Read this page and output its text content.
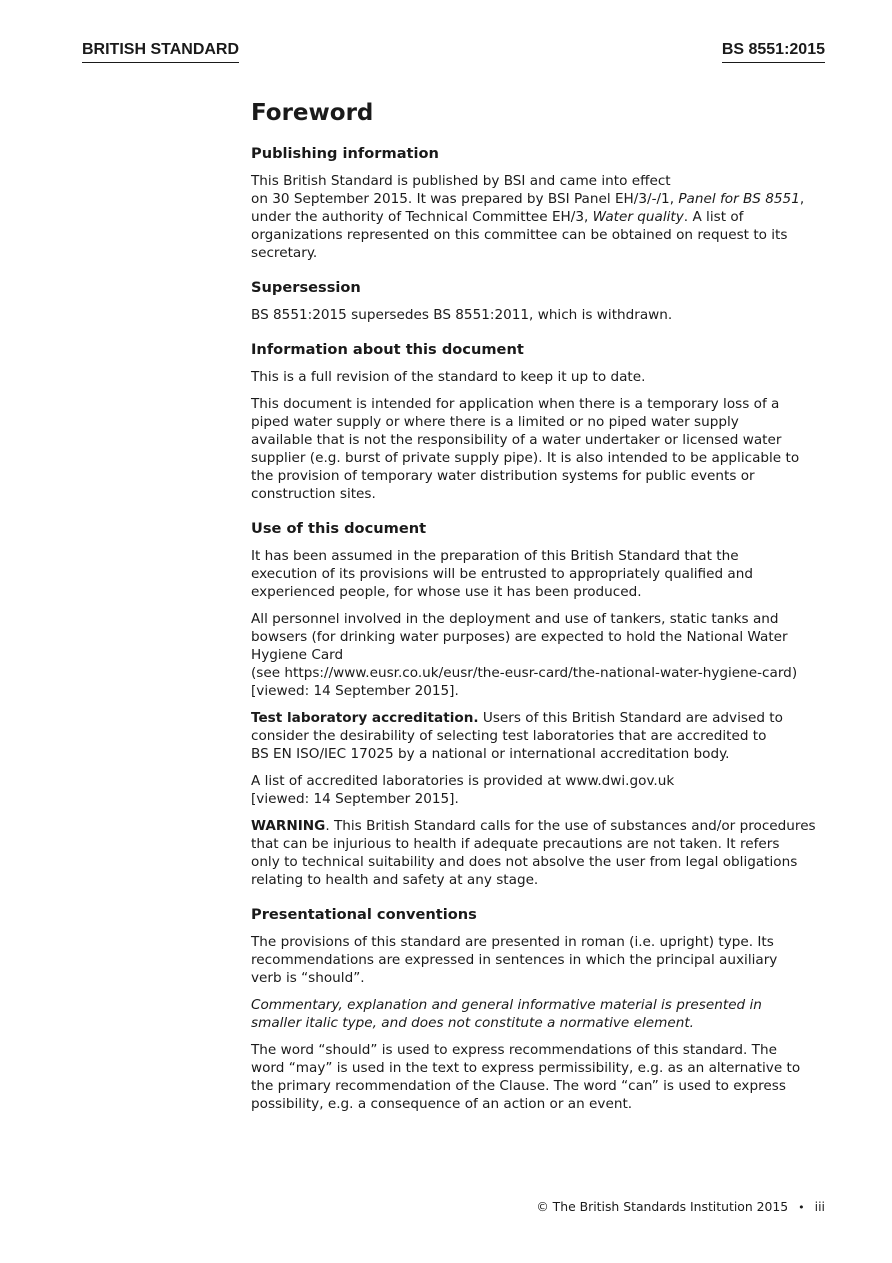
BRITISH STANDARD	BS 8551:2015
Foreword
Publishing information

This British Standard is published by BSI and came into effect
on 30 September 2015. It was prepared by BSI Panel EH/3/-/1, Panel for BS 8551,
under the authority of Technical Committee EH/3, Water quality. A list of
organizations represented on this committee can be obtained on request to its
secretary.

Supersession

BS 8551:2015 supersedes BS 8551:2011, which is withdrawn.

Information about this document

This is a full revision of the standard to keep it up to date.

This document is intended for application when there is a temporary loss of a
piped water supply or where there is a limited or no piped water supply
available that is not the responsibility of a water undertaker or licensed water
supplier (e.g. burst of private supply pipe). It is also intended to be applicable to
the provision of temporary water distribution systems for public events or
construction sites.

Use of this document

It has been assumed in the preparation of this British Standard that the
execution of its provisions will be entrusted to appropriately qualified and
experienced people, for whose use it has been produced.

All personnel involved in the deployment and use of tankers, static tanks and
bowsers (for drinking water purposes) are expected to hold the National Water
Hygiene Card
(see https://www.eusr.co.uk/eusr/the-eusr-card/the-national-water-hygiene-card)
[viewed: 14 September 2015].

Test laboratory accreditation. Users of this British Standard are advised to
consider the desirability of selecting test laboratories that are accredited to
BS EN ISO/IEC 17025 by a national or international accreditation body.

A list of accredited laboratories is provided at www.dwi.gov.uk
[viewed: 14 September 2015].

WARNING. This British Standard calls for the use of substances and/or procedures
that can be injurious to health if adequate precautions are not taken. It refers
only to technical suitability and does not absolve the user from legal obligations
relating to health and safety at any stage.

Presentational conventions

The provisions of this standard are presented in roman (i.e. upright) type. Its
recommendations are expressed in sentences in which the principal auxiliary
verb is “should”.

Commentary, explanation and general informative material is presented in
smaller italic type, and does not constitute a normative element.

The word “should” is used to express recommendations of this standard. The
word “may” is used in the text to express permissibility, e.g. as an alternative to
the primary recommendation of the Clause. The word “can” is used to express
possibility, e.g. a consequence of an action or an event.

© The British Standards Institution 2015 • iii
